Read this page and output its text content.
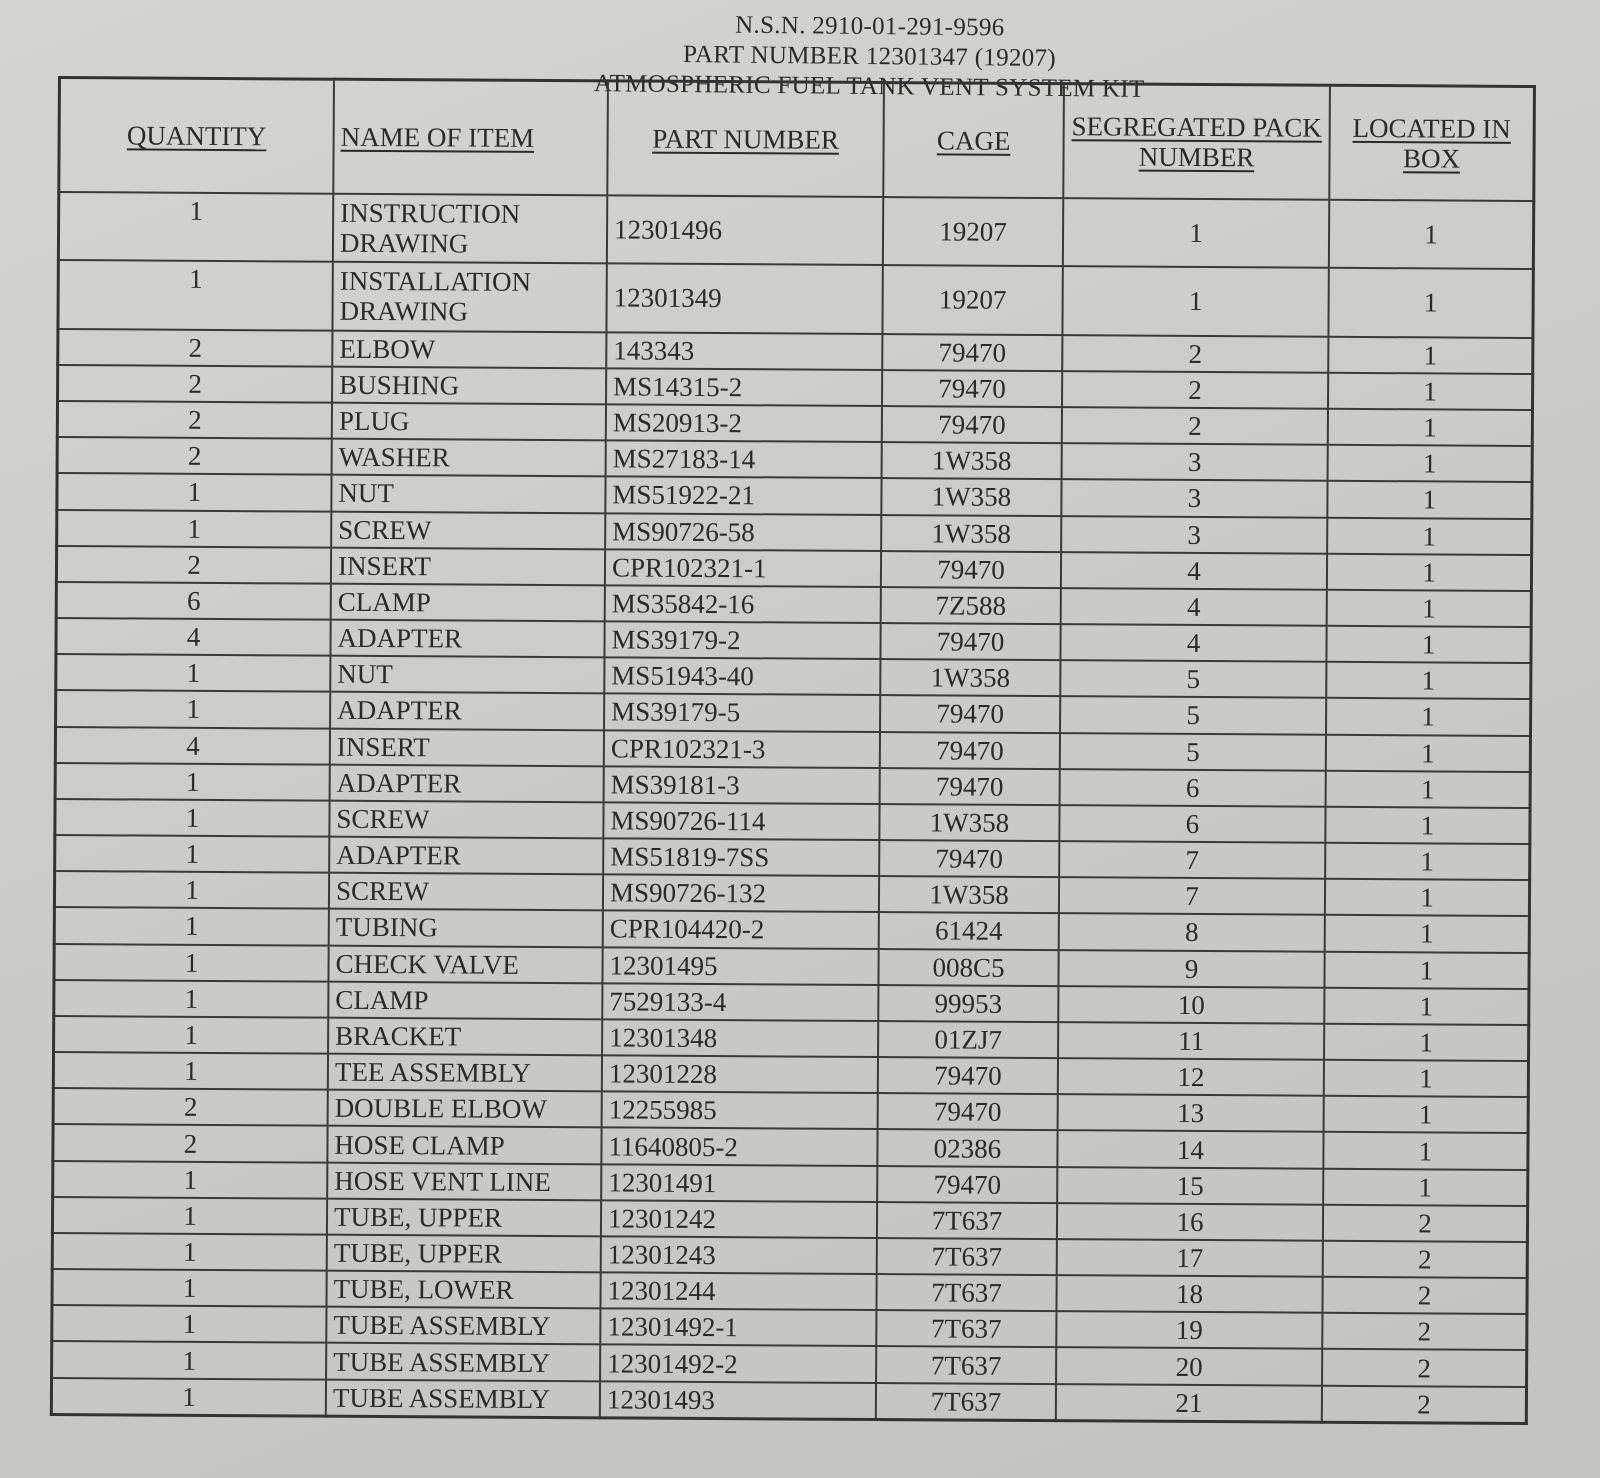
N.S.N. 2910-01-291-9596
PART NUMBER 12301347 (19207)
ATMOSPHERIC FUEL TANK VENT SYSTEM KIT
QUANTITY	NAME OF ITEM	PART NUMBER	CAGE	SEGREGATED PACK NUMBER	LOCATED IN BOX
1	INSTRUCTION DRAWING	12301496	19207	1	1
1	INSTALLATION DRAWING	12301349	19207	1	1
2	ELBOW	143343	79470	2	1
2	BUSHING	MS14315-2	79470	2	1
2	PLUG	MS20913-2	79470	2	1
2	WASHER	MS27183-14	1W358	3	1
1	NUT	MS51922-21	1W358	3	1
1	SCREW	MS90726-58	1W358	3	1
2	INSERT	CPR102321-1	79470	4	1
6	CLAMP	MS35842-16	7Z588	4	1
4	ADAPTER	MS39179-2	79470	4	1
1	NUT	MS51943-40	1W358	5	1
1	ADAPTER	MS39179-5	79470	5	1
4	INSERT	CPR102321-3	79470	5	1
1	ADAPTER	MS39181-3	79470	6	1
1	SCREW	MS90726-114	1W358	6	1
1	ADAPTER	MS51819-7SS	79470	7	1
1	SCREW	MS90726-132	1W358	7	1
1	TUBING	CPR104420-2	61424	8	1
1	CHECK VALVE	12301495	008C5	9	1
1	CLAMP	7529133-4	99953	10	1
1	BRACKET	12301348	01ZJ7	11	1
1	TEE ASSEMBLY	12301228	79470	12	1
2	DOUBLE ELBOW	12255985	79470	13	1
2	HOSE CLAMP	11640805-2	02386	14	1
1	HOSE VENT LINE	12301491	79470	15	1
1	TUBE, UPPER	12301242	7T637	16	2
1	TUBE, UPPER	12301243	7T637	17	2
1	TUBE, LOWER	12301244	7T637	18	2
1	TUBE ASSEMBLY	12301492-1	7T637	19	2
1	TUBE ASSEMBLY	12301492-2	7T637	20	2
1	TUBE ASSEMBLY	12301493	7T637	21	2
